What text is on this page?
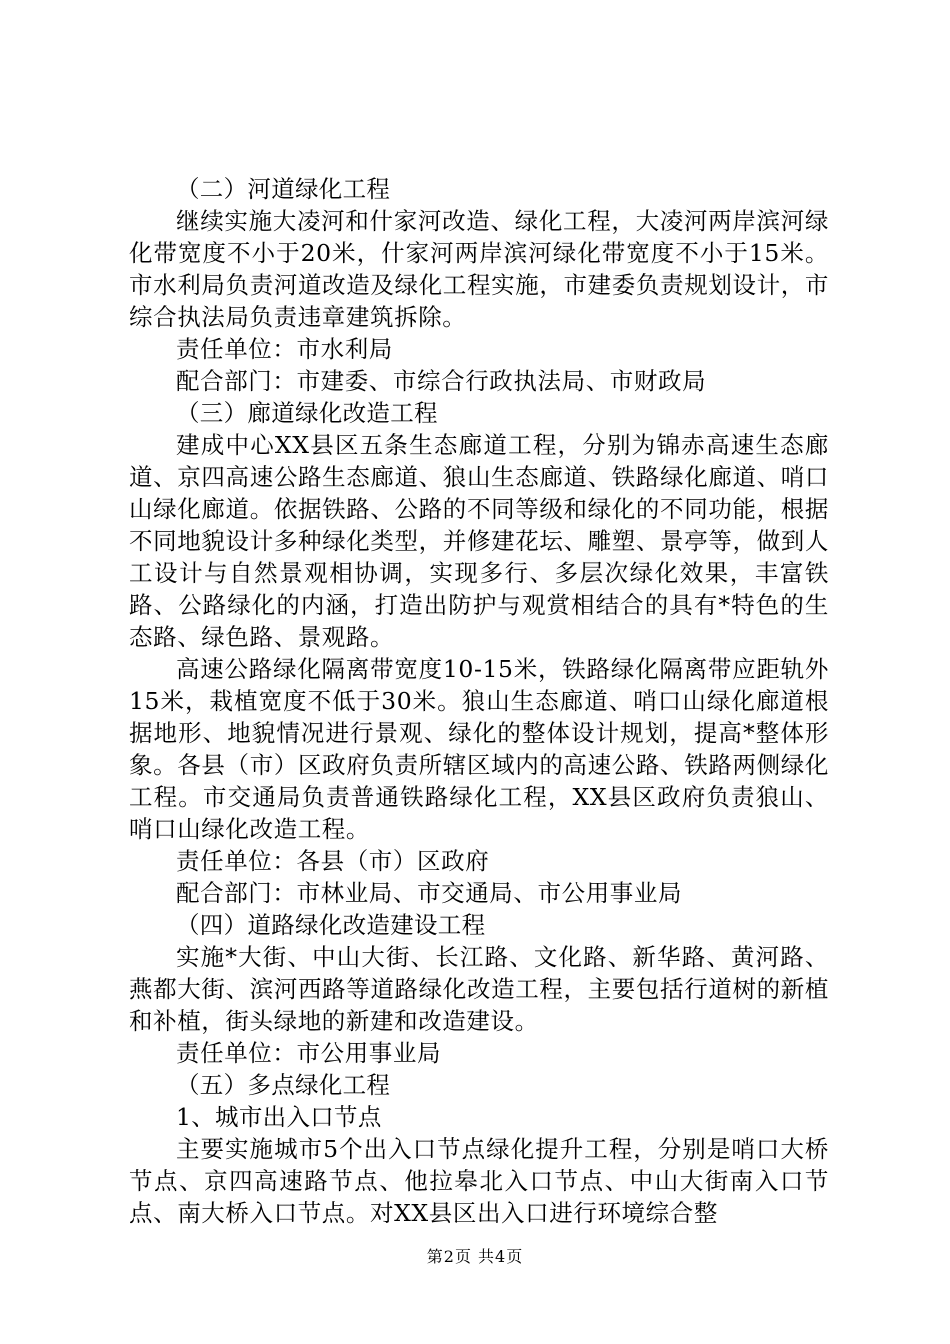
（二）河道绿化工程

继续实施大凌河和什家河改造、绿化工程，大凌河两岸滨河绿化带宽度不小于20米，什家河两岸滨河绿化带宽度不小于15米。市水利局负责河道改造及绿化工程实施，市建委负责规划设计，市综合执法局负责违章建筑拆除。

责任单位：市水利局

配合部门：市建委、市综合行政执法局、市财政局

（三）廊道绿化改造工程

建成中心XX县区五条生态廊道工程，分别为锦赤高速生态廊道、京四高速公路生态廊道、狼山生态廊道、铁路绿化廊道、哨口山绿化廊道。依据铁路、公路的不同等级和绿化的不同功能，根据不同地貌设计多种绿化类型，并修建花坛、雕塑、景亭等，做到人工设计与自然景观相协调，实现多行、多层次绿化效果，丰富铁路、公路绿化的内涵，打造出防护与观赏相结合的具有*特色的生态路、绿色路、景观路。

高速公路绿化隔离带宽度10-15米，铁路绿化隔离带应距轨外15米，栽植宽度不低于30米。狼山生态廊道、哨口山绿化廊道根据地形、地貌情况进行景观、绿化的整体设计规划，提高*整体形象。各县（市）区政府负责所辖区域内的高速公路、铁路两侧绿化工程。市交通局负责普通铁路绿化工程，XX县区政府负责狼山、哨口山绿化改造工程。

责任单位：各县（市）区政府

配合部门：市林业局、市交通局、市公用事业局

（四）道路绿化改造建设工程

实施*大街、中山大街、长江路、文化路、新华路、黄河路、燕都大街、滨河西路等道路绿化改造工程，主要包括行道树的新植和补植，街头绿地的新建和改造建设。

责任单位：市公用事业局

（五）多点绿化工程

1、城市出入口节点

主要实施城市5个出入口节点绿化提升工程，分别是哨口大桥节点、京四高速路节点、他拉皋北入口节点、中山大街南入口节点、南大桥入口节点。对XX县区出入口进行环境综合整

第2页 共4页
